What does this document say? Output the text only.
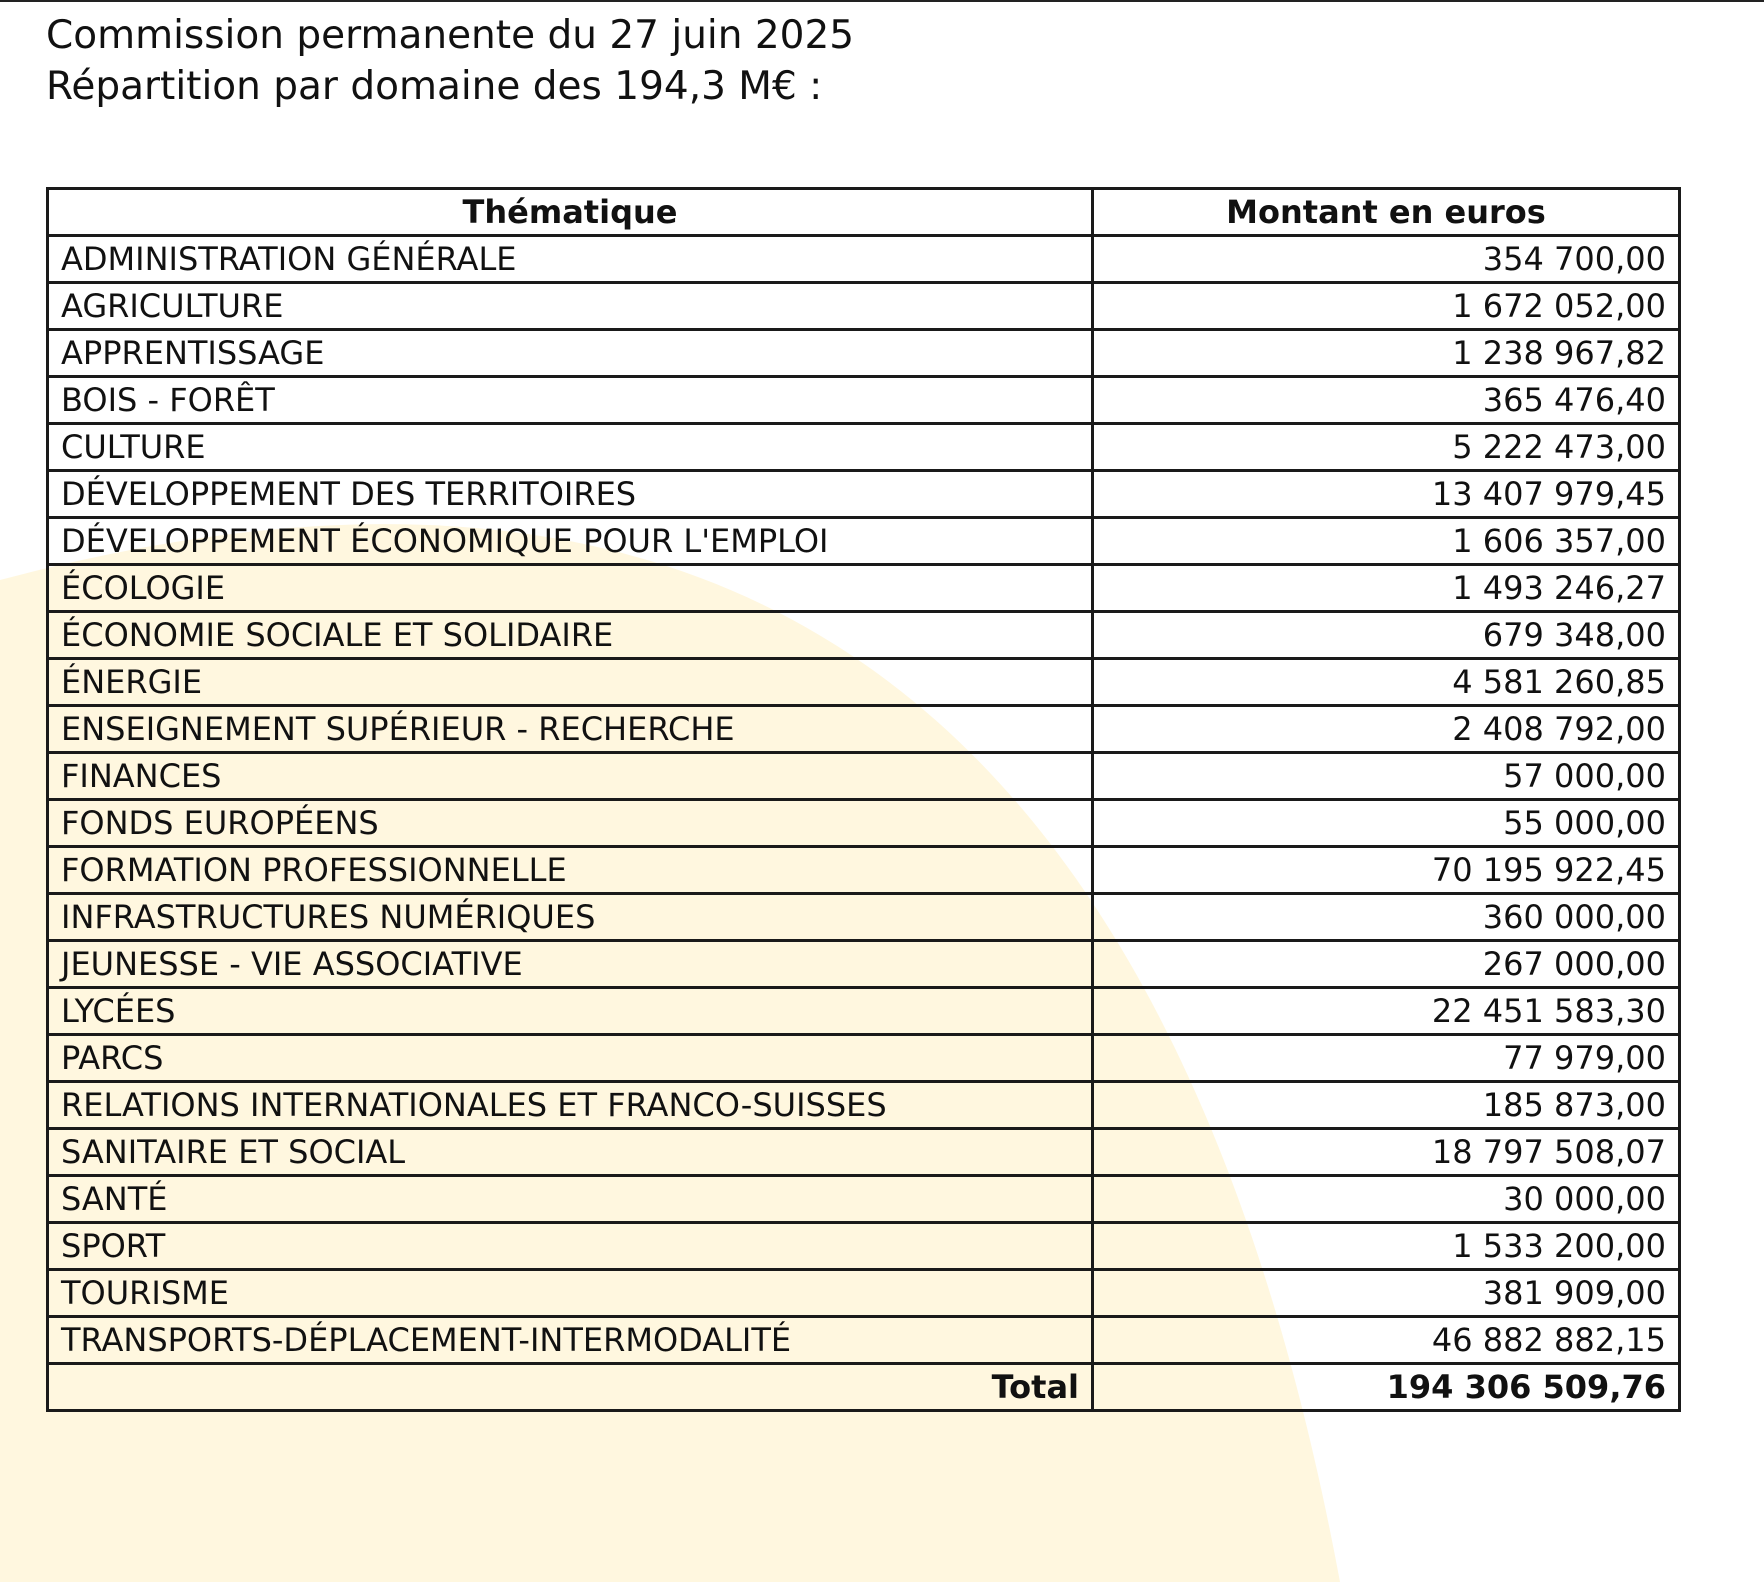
Commission permanente du 27 juin 2025
Répartition par domaine des 194,3 M€ :
Thématique	Montant en euros
ADMINISTRATION GÉNÉRALE	354 700,00
AGRICULTURE	1 672 052,00
APPRENTISSAGE	1 238 967,82
BOIS - FORÊT	365 476,40
CULTURE	5 222 473,00
DÉVELOPPEMENT DES TERRITOIRES	13 407 979,45
DÉVELOPPEMENT ÉCONOMIQUE POUR L'EMPLOI	1 606 357,00
ÉCOLOGIE	1 493 246,27
ÉCONOMIE SOCIALE ET SOLIDAIRE	679 348,00
ÉNERGIE	4 581 260,85
ENSEIGNEMENT SUPÉRIEUR - RECHERCHE	2 408 792,00
FINANCES	57 000,00
FONDS EUROPÉENS	55 000,00
FORMATION PROFESSIONNELLE	70 195 922,45
INFRASTRUCTURES NUMÉRIQUES	360 000,00
JEUNESSE - VIE ASSOCIATIVE	267 000,00
LYCÉES	22 451 583,30
PARCS	77 979,00
RELATIONS INTERNATIONALES ET FRANCO-SUISSES	185 873,00
SANITAIRE ET SOCIAL	18 797 508,07
SANTÉ	30 000,00
SPORT	1 533 200,00
TOURISME	381 909,00
TRANSPORTS-DÉPLACEMENT-INTERMODALITÉ	46 882 882,15
Total	194 306 509,76
